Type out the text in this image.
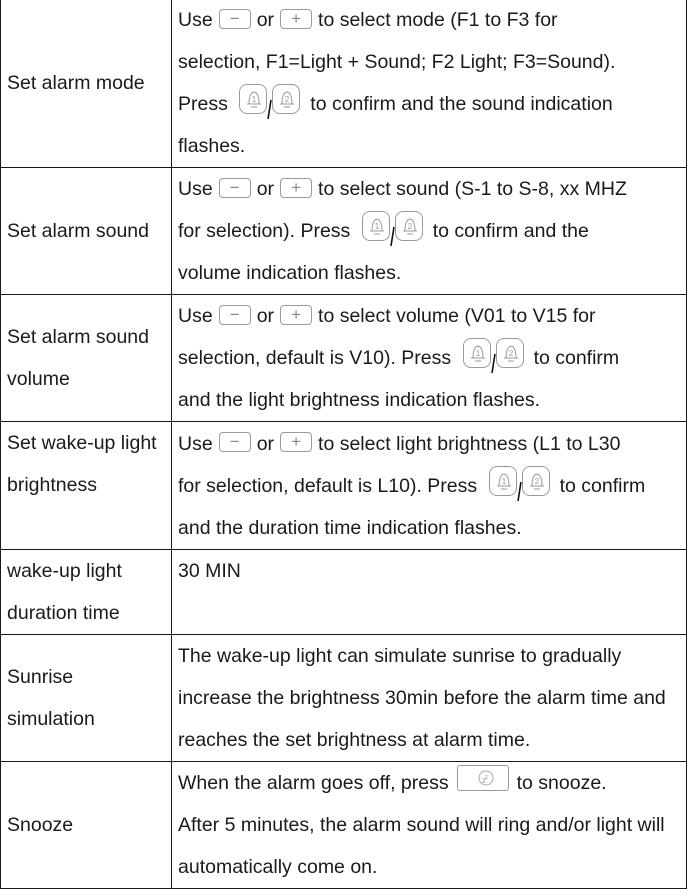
Set alarm mode	Use − or + to select mode (F1 to F3 for
selection, F1=Light + Sound; F2 Light; F3=Sound).
Press	1	2 to confirm and the sound indication
flashes.
Set alarm sound	Use − or + to select sound (S-1 to S-8, xx MHZ
for selection). Press	1	2 to confirm and the
volume indication flashes.
Set alarm sound volume	Use − or + to select volume (V01 to V15 for
selection, default is V10). Press	1	2 to confirm
and the light brightness indication flashes.
Set wake-up light brightness	Use − or + to select light brightness (L1 to L30
for selection, default is L10). Press	1	2 to confirm
and the duration time indication flashes.
wake-up light duration time	30 MIN
Sunrise simulation	The wake-up light can simulate sunrise to gradually increase the brightness 30min before the alarm time and reaches the set brightness at alarm time.
Snooze	When the alarm goes off, press z z to snooze.
After 5 minutes, the alarm sound will ring and/or light will automatically come on.
